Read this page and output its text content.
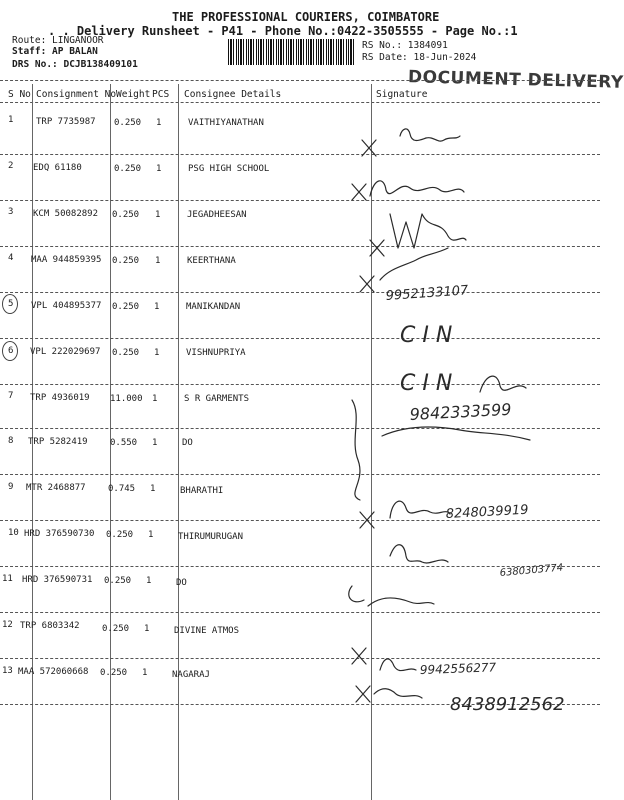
THE PROFESSIONAL COURIERS, COIMBATORE
. . Delivery Runsheet - P41 - Phone No.:0422-3505555 - Page No.:1
Route: LINGANOOR
Staff: AP BALAN
DRS No.: DCJB138409101
RS No.: 1384091
RS Date: 18-Jun-2024
DOCUMENT DELIVERY
S No Consignment No Weight PCS Consignee Details	Signature
1	TRP 7735987 0.250 1	VAITHIYANATHAN
2 EDQ 61180	0.250 1	PSG HIGH SCHOOL
3 KCM 50082892 0.250 1	JEGADHEESAN
4 MAA 944859395 0.250 1	KEERTHANA
5 VPL 404895377 0.250 1	MANIKANDAN
6 VPL 222029697 0.250 1	VISHNUPRIYA
7 TRP 4936019 11.000 1	S R GARMENTS
8 TRP 5282419 0.550 1	DO
9 MTR 2468877 0.745 1	BHARATHI
10 HRD 376590730 0.250 1	THIRUMURUGAN
11 HRD 376590731 0.250 1	DO
12 TRP 6803342 0.250 1	DIVINE ATMOS
13 MAA 572060668 0.250 1	NAGARAJ
9952133107
C I N
C I N
9842333599
8248039919
6380303774
9942556277
8438912562
